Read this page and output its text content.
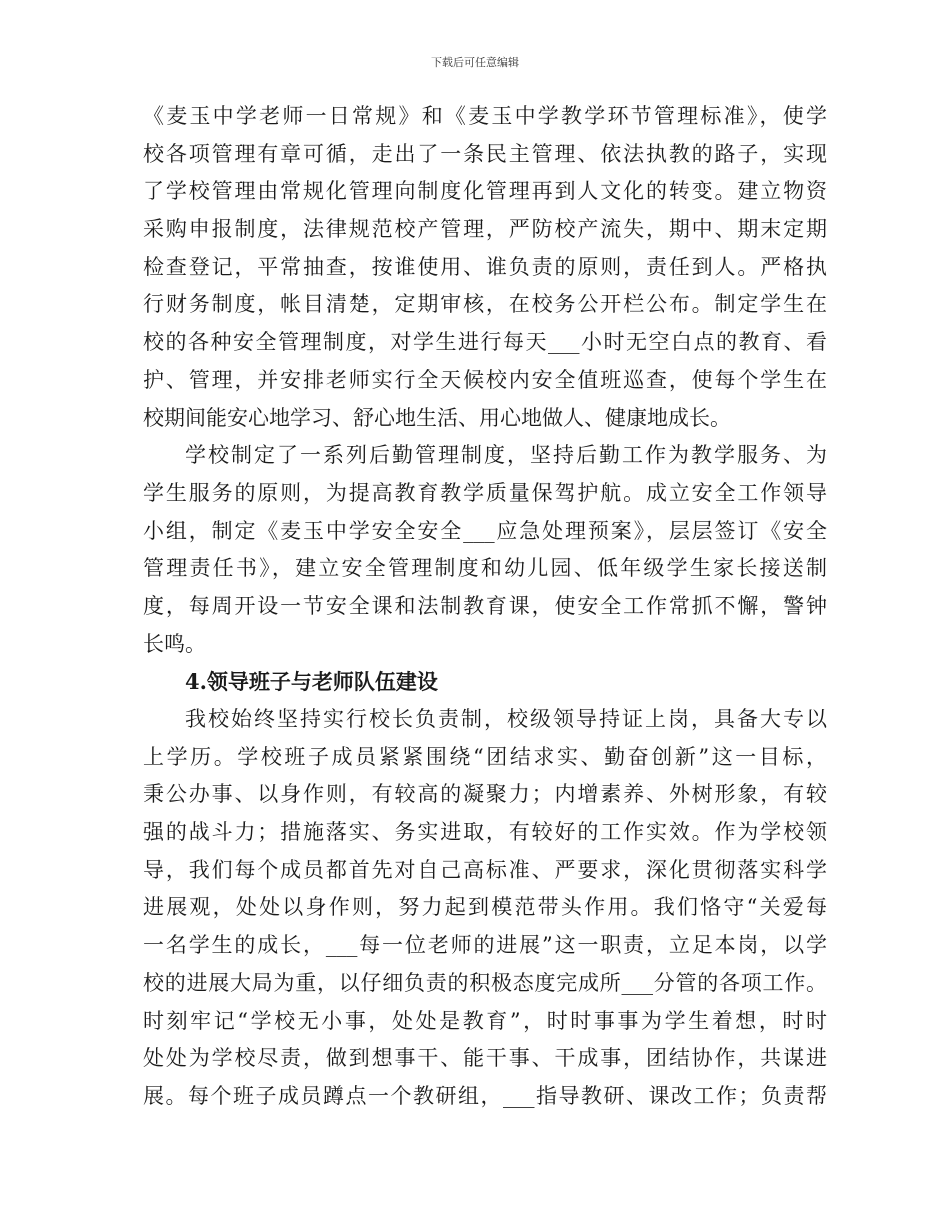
下载后可任意编辑
《麦玉中学老师一日常规》和《麦玉中学教学环节管理标准》，使学
校各项管理有章可循，走出了一条民主管理、依法执教的路子，实现
了学校管理由常规化管理向制度化管理再到人文化的转变。建立物资
采购申报制度，法律规范校产管理，严防校产流失，期中、期末定期
检查登记，平常抽查，按谁使用、谁负责的原则，责任到人。严格执
行财务制度，帐目清楚，定期审核，在校务公开栏公布。制定学生在
校的各种安全管理制度，对学生进行每天___小时无空白点的教育、看
护、管理，并安排老师实行全天候校内安全值班巡查，使每个学生在
校期间能安心地学习、舒心地生活、用心地做人、健康地成长。
学校制定了一系列后勤管理制度，坚持后勤工作为教学服务、为
学生服务的原则，为提高教育教学质量保驾护航。成立安全工作领导
小组，制定《麦玉中学安全安全___应急处理预案》，层层签订《安全
管理责任书》，建立安全管理制度和幼儿园、低年级学生家长接送制
度，每周开设一节安全课和法制教育课，使安全工作常抓不懈，警钟
长鸣。
4.领导班子与老师队伍建设
我校始终坚持实行校长负责制，校级领导持证上岗，具备大专以
上学历。学校班子成员紧紧围绕“团结求实、勤奋创新”这一目标，
秉公办事、以身作则，有较高的凝聚力；内增素养、外树形象，有较
强的战斗力；措施落实、务实进取，有较好的工作实效。作为学校领
导，我们每个成员都首先对自己高标准、严要求，深化贯彻落实科学
进展观，处处以身作则，努力起到模范带头作用。我们恪守“关爱每
一名学生的成长，___每一位老师的进展”这一职责，立足本岗，以学
校的进展大局为重，以仔细负责的积极态度完成所___分管的各项工作。
时刻牢记“学校无小事，处处是教育”，时时事事为学生着想，时时
处处为学校尽责，做到想事干、能干事、干成事，团结协作，共谋进
展。每个班子成员蹲点一个教研组，___指导教研、课改工作；负责帮
